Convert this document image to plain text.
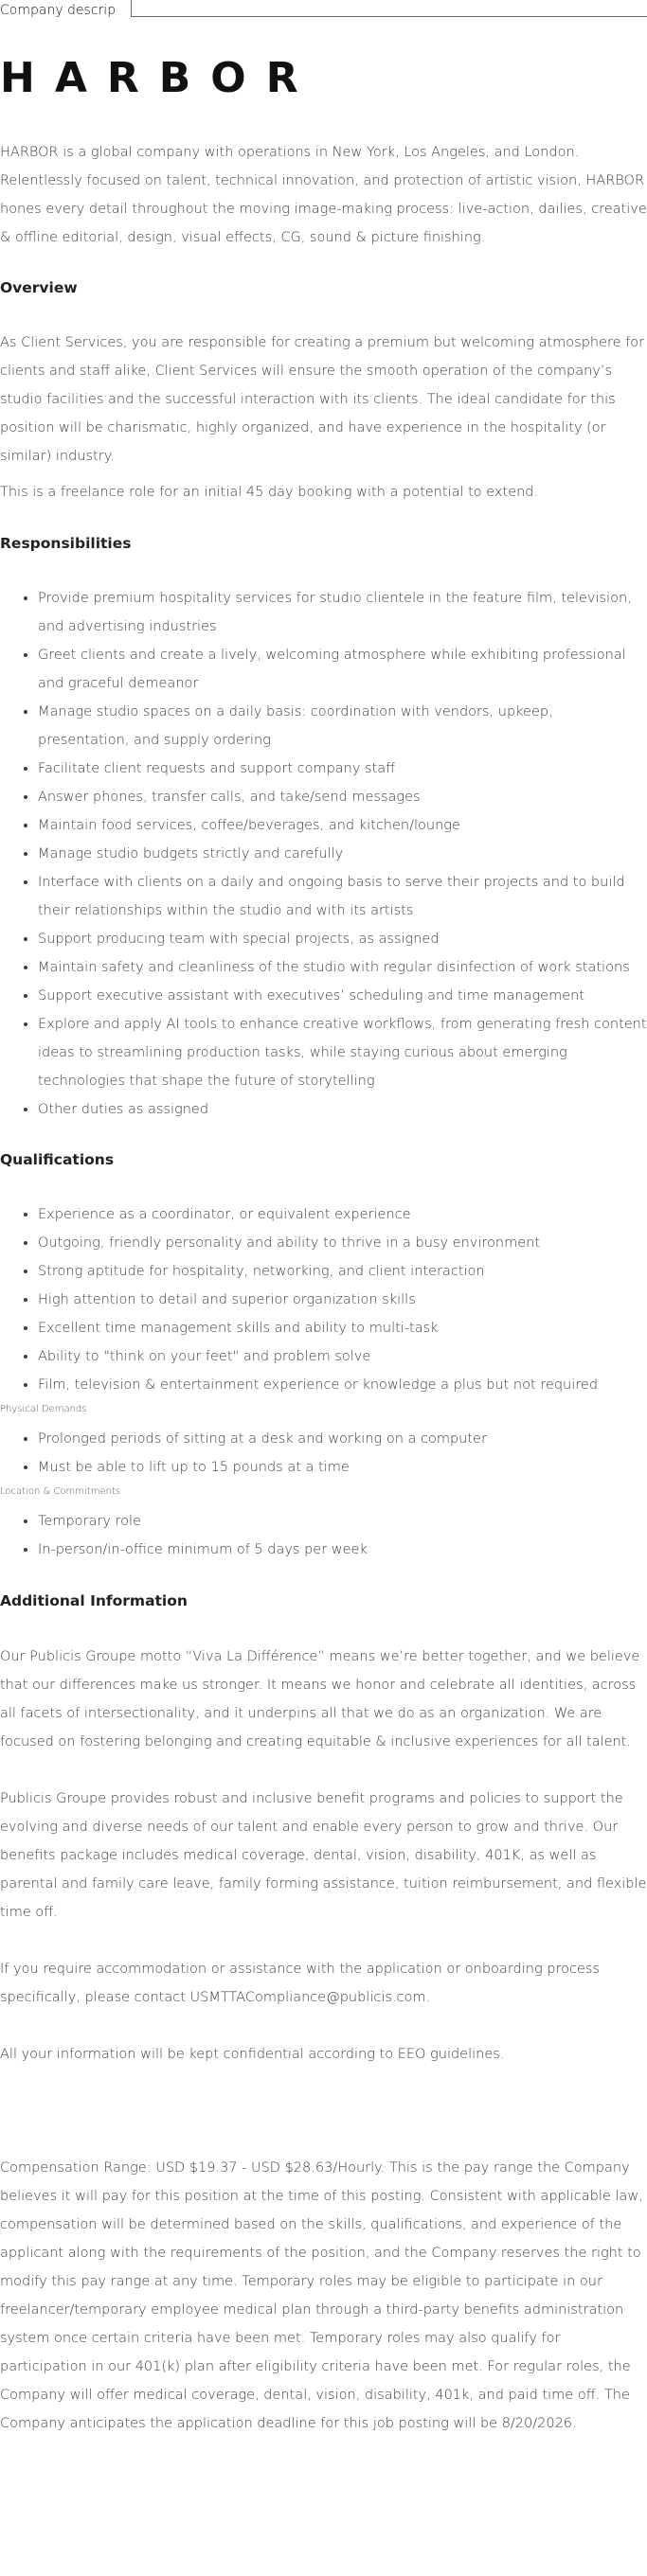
Company descrip
HARBOR

HARBOR is a global company with operations in New York, Los Angeles, and London. Relentlessly focused on talent, technical innovation, and protection of artistic vision, HARBOR hones every detail throughout the moving image-making process: live-action, dailies, creative & offline editorial, design, visual effects, CG, sound & picture finishing.

Overview

As Client Services, you are responsible for creating a premium but welcoming atmosphere for clients and staff alike, Client Services will ensure the smooth operation of the company’s studio facilities and the successful interaction with its clients. The ideal candidate for this position will be charismatic, highly organized, and have experience in the hospitality (or similar) industry.

This is a freelance role for an initial 45 day booking with a potential to extend.

Responsibilities
• Provide premium hospitality services for studio clientele in the feature film, television, and advertising industries
• Greet clients and create a lively, welcoming atmosphere while exhibiting professional and graceful demeanor
• Manage studio spaces on a daily basis: coordination with vendors, upkeep, presentation, and supply ordering
• Facilitate client requests and support company staff
• Answer phones, transfer calls, and take/send messages
• Maintain food services, coffee/beverages, and kitchen/lounge
• Manage studio budgets strictly and carefully
• Interface with clients on a daily and ongoing basis to serve their projects and to build their relationships within the studio and with its artists
• Support producing team with special projects, as assigned
• Maintain safety and cleanliness of the studio with regular disinfection of work stations
• Support executive assistant with executives’ scheduling and time management
• Explore and apply AI tools to enhance creative workflows, from generating fresh content ideas to streamlining production tasks, while staying curious about emerging technologies that shape the future of storytelling
• Other duties as assigned
Qualifications
• Experience as a coordinator, or equivalent experience
• Outgoing, friendly personality and ability to thrive in a busy environment
• Strong aptitude for hospitality, networking, and client interaction
• High attention to detail and superior organization skills
• Excellent time management skills and ability to multi-task
• Ability to "think on your feet" and problem solve
• Film, television & entertainment experience or knowledge a plus but not required
Physical Demands
• Prolonged periods of sitting at a desk and working on a computer
• Must be able to lift up to 15 pounds at a time
Location & Commitments
• Temporary role
• In-person/in-office minimum of 5 days per week
Additional Information

Our Publicis Groupe motto “Viva La Différence” means we’re better together, and we believe that our differences make us stronger. It means we honor and celebrate all identities, across all facets of intersectionality, and it underpins all that we do as an organization. We are focused on fostering belonging and creating equitable & inclusive experiences for all talent.

Publicis Groupe provides robust and inclusive benefit programs and policies to support the evolving and diverse needs of our talent and enable every person to grow and thrive. Our benefits package includes medical coverage, dental, vision, disability, 401K, as well as parental and family care leave, family forming assistance, tuition reimbursement, and flexible time off.

If you require accommodation or assistance with the application or onboarding process specifically, please contact USMTTACompliance@publicis.com.

All your information will be kept confidential according to EEO guidelines.

Compensation Range: USD $19.37 - USD $28.63/Hourly. This is the pay range the Company believes it will pay for this position at the time of this posting. Consistent with applicable law, compensation will be determined based on the skills, qualifications, and experience of the applicant along with the requirements of the position, and the Company reserves the right to modify this pay range at any time. Temporary roles may be eligible to participate in our freelancer/temporary employee medical plan through a third-party benefits administration system once certain criteria have been met. Temporary roles may also qualify for participation in our 401(k) plan after eligibility criteria have been met. For regular roles, the Company will offer medical coverage, dental, vision, disability, 401k, and paid time off. The Company anticipates the application deadline for this job posting will be 8/20/2026.
